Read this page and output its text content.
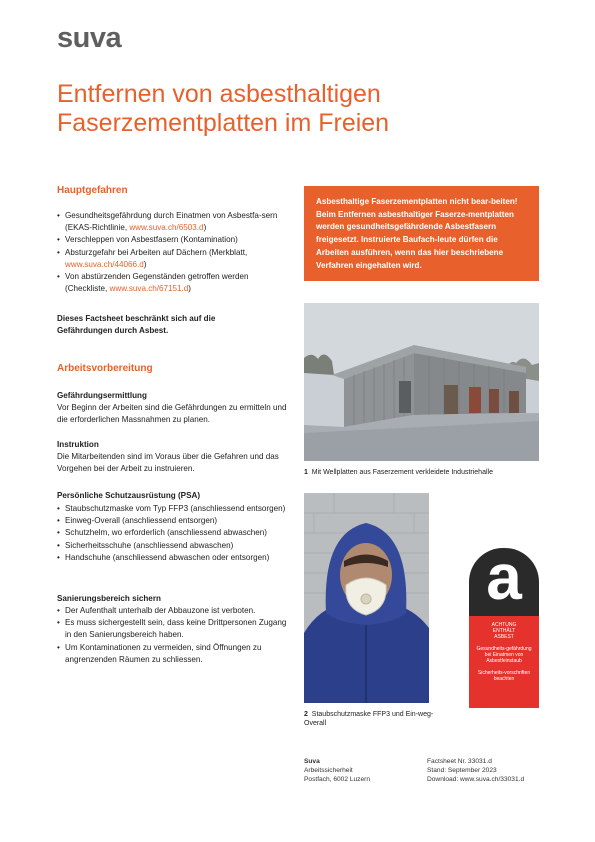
suva
Entfernen von asbesthaltigen
Faserzementplatten im Freien
Hauptgefahren
• Gesundheitsgefährdung durch Einatmen von Asbestfa-sern (EKAS-Richtlinie, www.suva.ch/6503.d)
• Verschleppen von Asbestfasern (Kontamination)
• Absturzgefahr bei Arbeiten auf Dächern (Merkblatt, www.suva.ch/44066.d)
• Von abstürzenden Gegenständen getroffen werden (Checkliste, www.suva.ch/67151.d)
Dieses Factsheet beschränkt sich auf die Gefährdungen durch Asbest.
Arbeitsvorbereitung
Gefährdungsermittlung
Vor Beginn der Arbeiten sind die Gefährdungen zu ermitteln und die erforderlichen Massnahmen zu planen.
Instruktion
Die Mitarbeitenden sind im Voraus über die Gefahren und das Vorgehen bei der Arbeit zu instruieren.
Persönliche Schutzausrüstung (PSA)
• Staubschutzmaske vom Typ FFP3 (anschliessend entsorgen)
• Einweg-Overall (anschliessend entsorgen)
• Schutzhelm, wo erforderlich (anschliessend abwaschen)
• Sicherheitsschuhe (anschliessend abwaschen)
• Handschuhe (anschliessend abwaschen oder entsorgen)
Sanierungsbereich sichern
• Der Aufenthalt unterhalb der Abbauzone ist verboten.
• Es muss sichergestellt sein, dass keine Drittpersonen Zugang in den Sanierungsbereich haben.
• Um Kontaminationen zu vermeiden, sind Öffnungen zu angrenzenden Räumen zu schliessen.
Asbesthaltige Faserzementplatten nicht bear-beiten! Beim Entfernen asbesthaltiger Faserze-mentplatten werden gesundheitsgefährdende Asbestfasern freigesetzt. Instruierte Baufach-leute dürfen die Arbeiten ausführen, wenn das hier beschriebene Verfahren eingehalten wird.
1 Mit Wellplatten aus Faserzement verkleidete Industriehalle
2 Staubschutzmaske FFP3 und Ein-weg-Overall
a
ACHTUNG
ENTHÄLT
ASBEST
Gesundheits-gefährdung bei Einatmen von Asbestfeinstaub
Sicherheits-vorschriften beachten
Suva
Arbeitssicherheit
Postfach, 6002 Luzern
Factsheet Nr. 33031.d
Stand: September 2023
Download: www.suva.ch/33031.d
